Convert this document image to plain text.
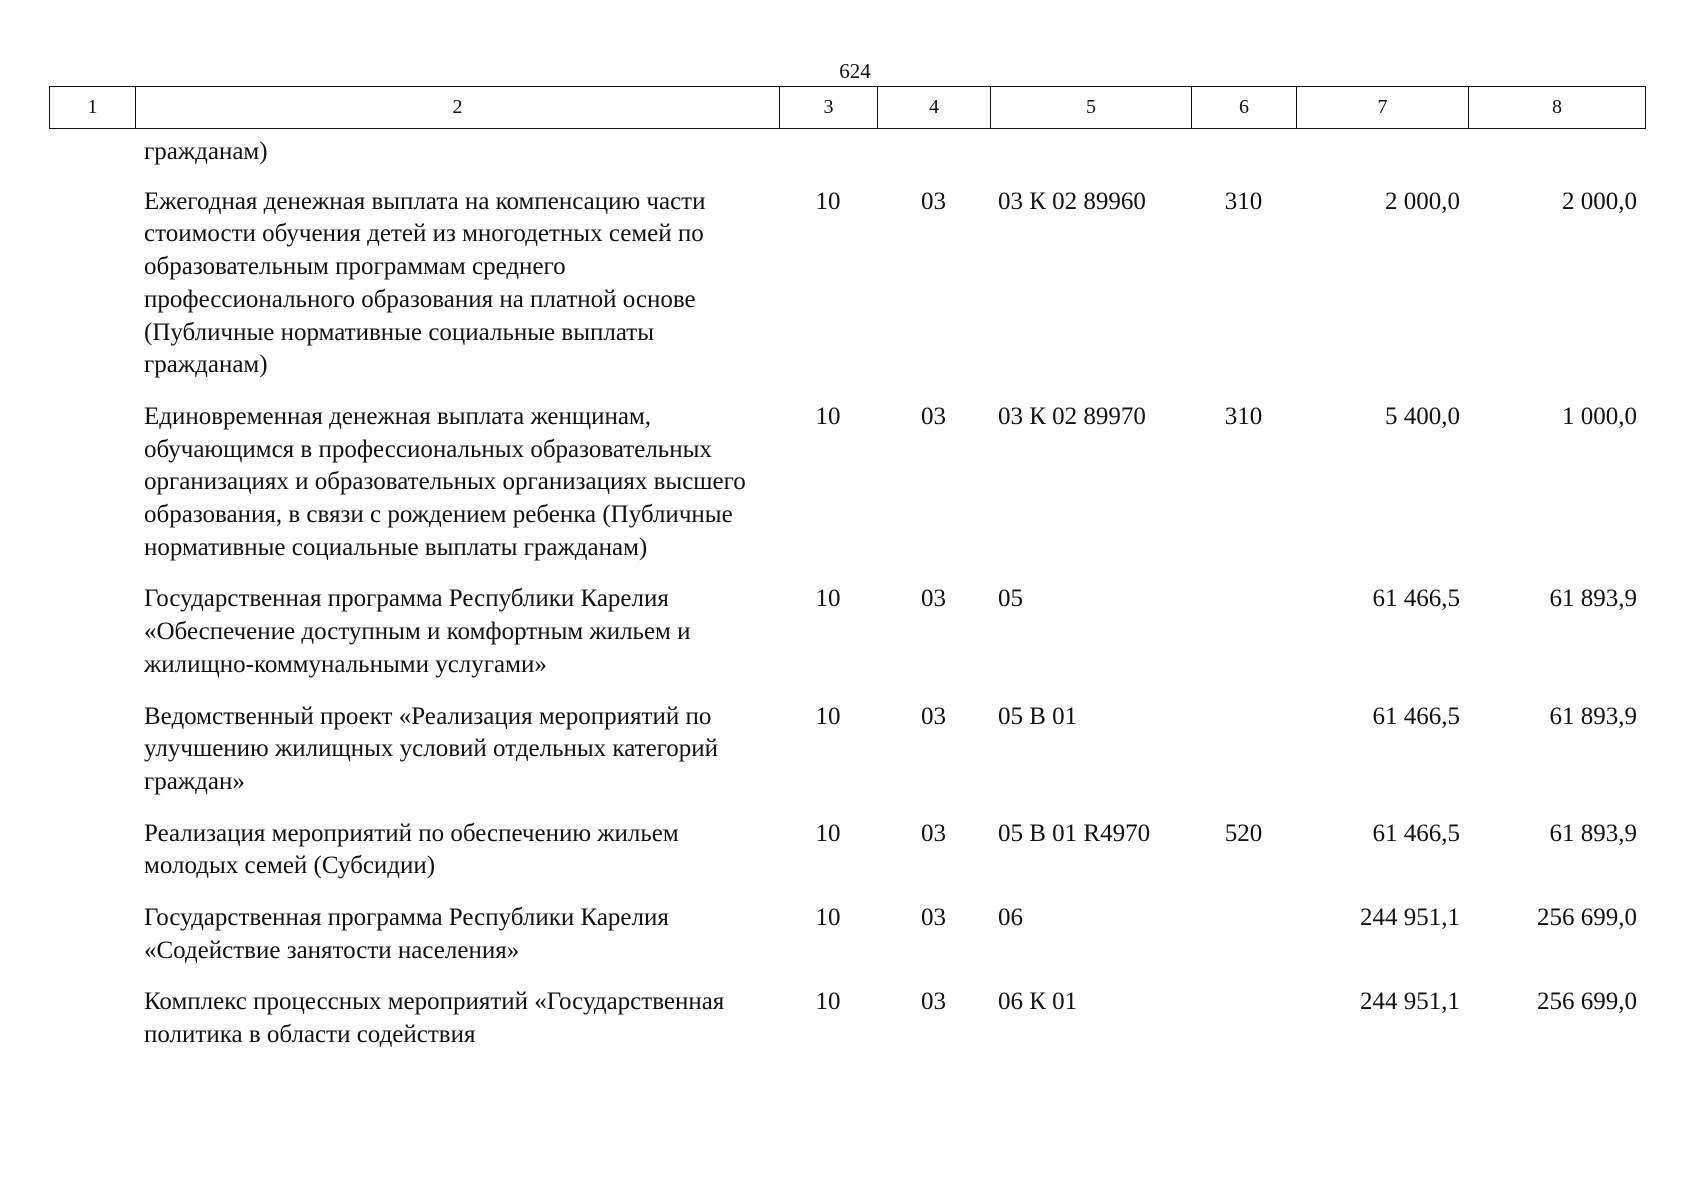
624
1	2	3	4	5	6	7	8
	гражданам)						
	Ежегодная денежная выплата на компенсацию части стоимости обучения детей из многодетных семей по образовательным программам среднего профессионального образования на платной основе (Публичные нормативные социальные выплаты гражданам)	10	03	03 К 02 89960	310	2 000,0	2 000,0
	Единовременная денежная выплата женщинам, обучающимся в профессиональных образовательных организациях и образовательных организациях высшего образования, в связи с рождением ребенка (Публичные нормативные социальные выплаты гражданам)	10	03	03 К 02 89970	310	5 400,0	1 000,0
	Государственная программа Республики Карелия «Обеспечение доступным и комфортным жильем и жилищно-коммунальными услугами»	10	03	05		61 466,5	61 893,9
	Ведомственный проект «Реализация мероприятий по улучшению жилищных условий отдельных категорий граждан»	10	03	05 В 01		61 466,5	61 893,9
	Реализация мероприятий по обеспечению жильем молодых семей (Субсидии)	10	03	05 В 01 R4970	520	61 466,5	61 893,9
	Государственная программа Республики Карелия «Содействие занятости населения»	10	03	06		244 951,1	256 699,0
	Комплекс процессных мероприятий «Государственная политика в области содействия	10	03	06 К 01		244 951,1	256 699,0
